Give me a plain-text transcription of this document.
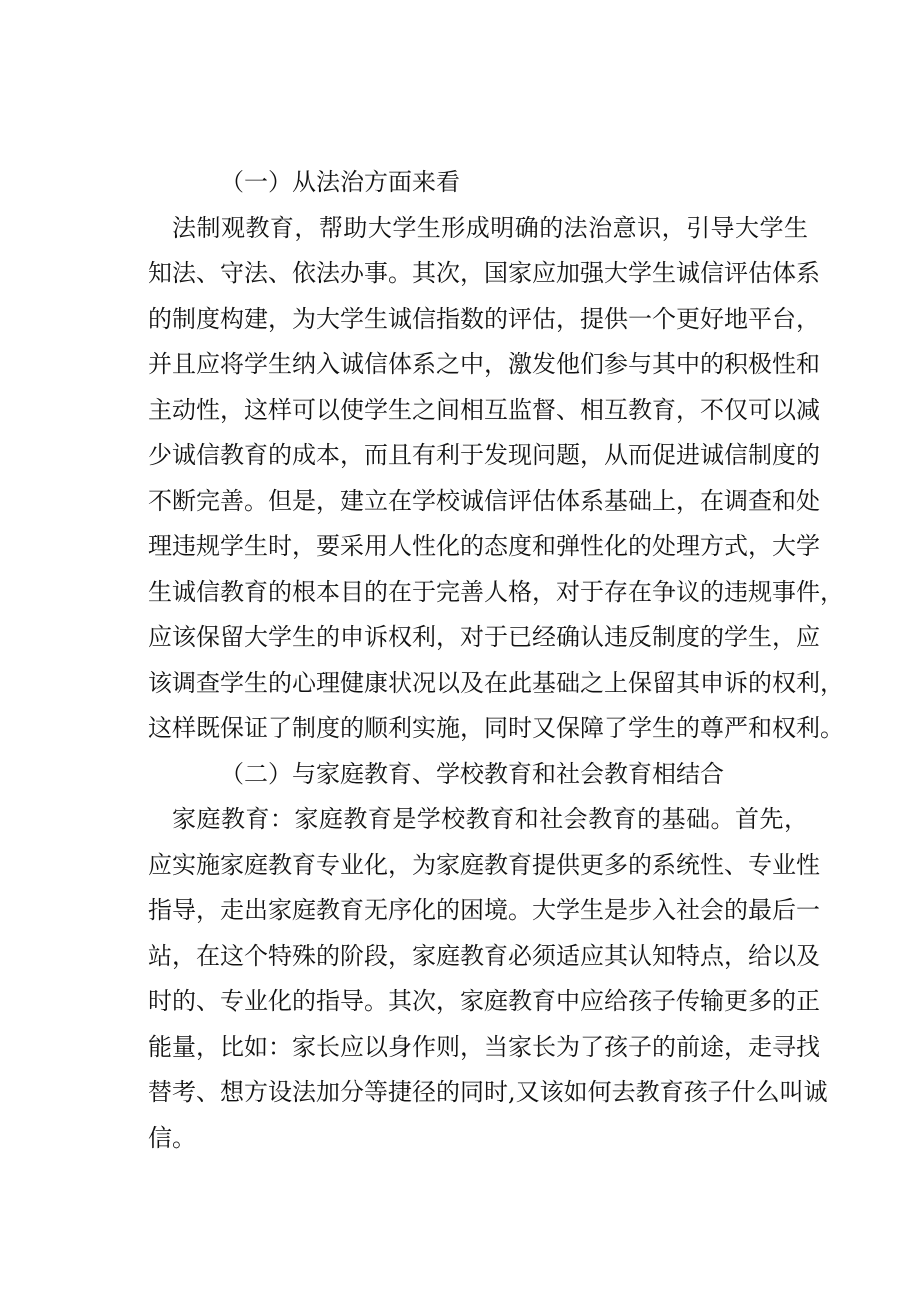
（一）从法治方面来看

法制观教育，帮助大学生形成明确的法治意识，引导大学生
知法、守法、依法办事。其次，国家应加强大学生诚信评估体系
的制度构建，为大学生诚信指数的评估，提供一个更好地平台，
并且应将学生纳入诚信体系之中，激发他们参与其中的积极性和
主动性，这样可以使学生之间相互监督、相互教育，不仅可以减
少诚信教育的成本，而且有利于发现问题，从而促进诚信制度的
不断完善。但是，建立在学校诚信评估体系基础上，在调查和处
理违规学生时，要采用人性化的态度和弹性化的处理方式，大学
生诚信教育的根本目的在于完善人格，对于存在争议的违规事件，
应该保留大学生的申诉权利，对于已经确认违反制度的学生，应
该调查学生的心理健康状况以及在此基础之上保留其申诉的权利，
这样既保证了制度的顺利实施，同时又保障了学生的尊严和权利。

（二）与家庭教育、学校教育和社会教育相结合

家庭教育：家庭教育是学校教育和社会教育的基础。首先，
应实施家庭教育专业化，为家庭教育提供更多的系统性、专业性
指导，走出家庭教育无序化的困境。大学生是步入社会的最后一
站，在这个特殊的阶段，家庭教育必须适应其认知特点，给以及
时的、专业化的指导。其次，家庭教育中应给孩子传输更多的正
能量，比如：家长应以身作则，当家长为了孩子的前途，走寻找
替考、想方设法加分等捷径的同时,又该如何去教育孩子什么叫诚
信。
